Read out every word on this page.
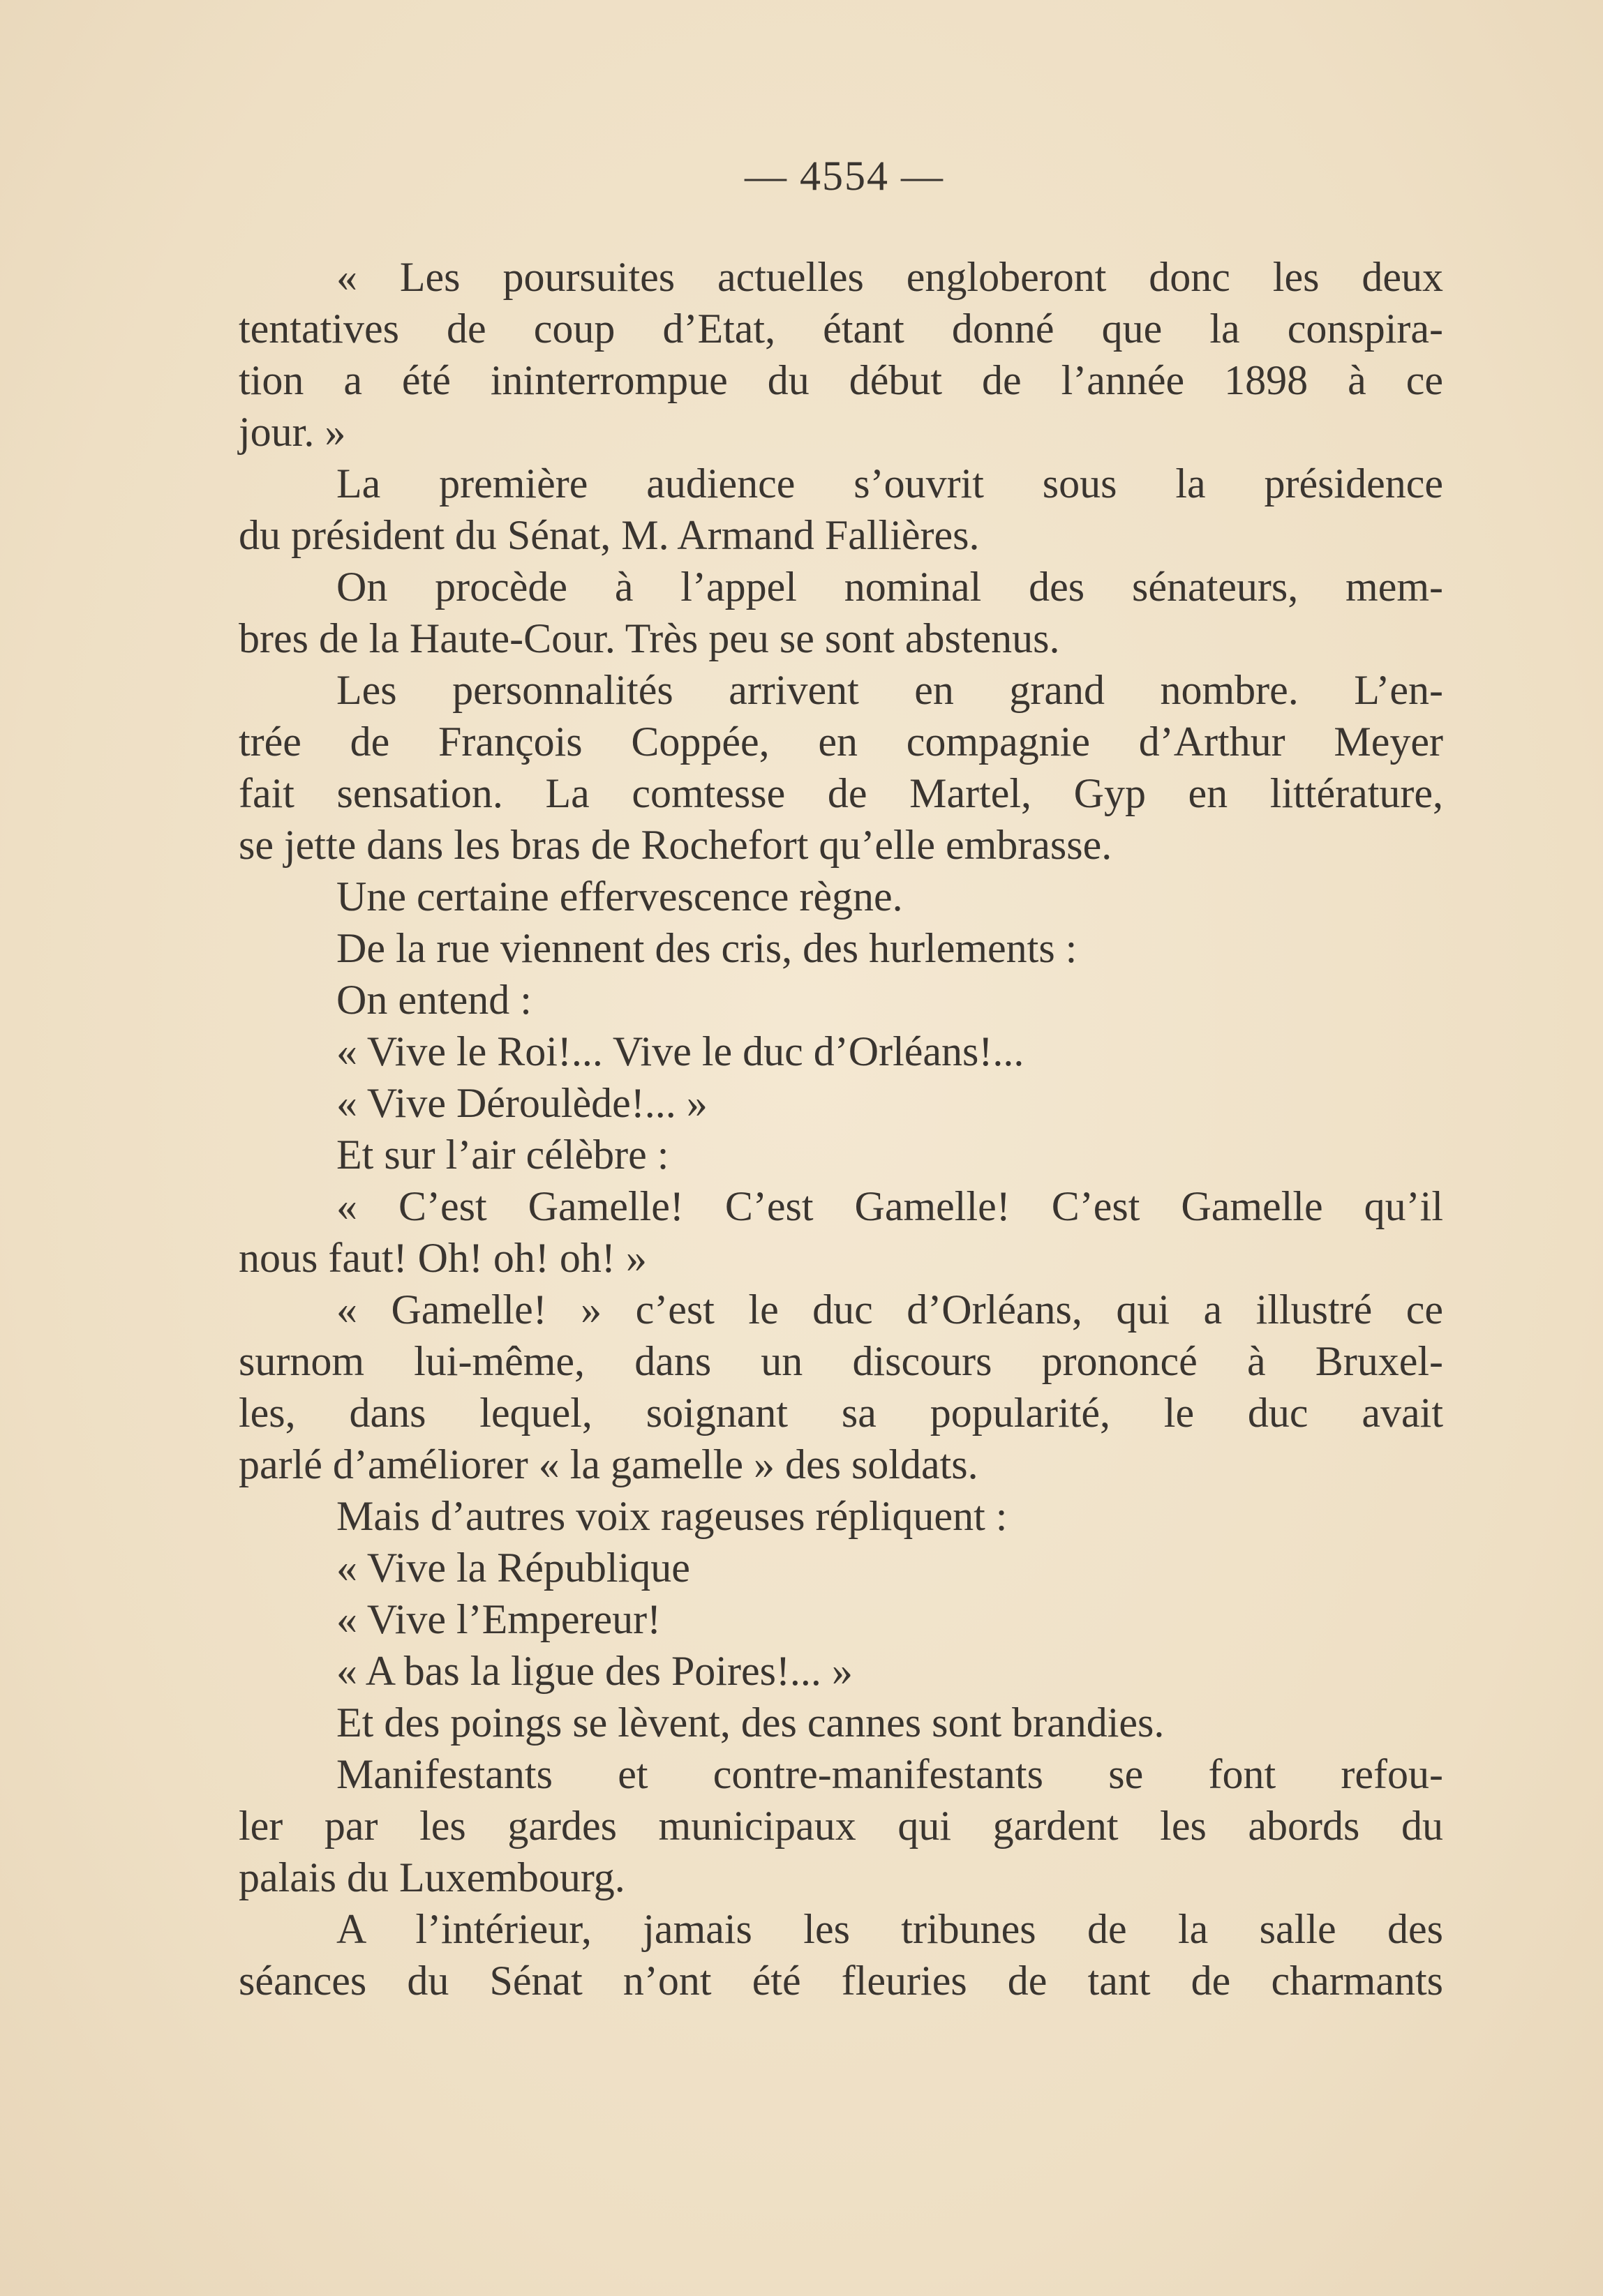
— 4554 —
« Les poursuites actuelles engloberont donc les deux
tentatives de coup d’Etat, étant donné que la conspira-
tion a été ininterrompue du début de l’année 1898 à ce
jour. »
La première audience s’ouvrit sous la présidence
du président du Sénat, M. Armand Fallières.
On procède à l’appel nominal des sénateurs, mem-
bres de la Haute-Cour. Très peu se sont abstenus.
Les personnalités arrivent en grand nombre. L’en-
trée de François Coppée, en compagnie d’Arthur Meyer
fait sensation. La comtesse de Martel, Gyp en littérature,
se jette dans les bras de Rochefort qu’elle embrasse.
Une certaine effervescence règne.
De la rue viennent des cris, des hurlements :
On entend :
« Vive le Roi!... Vive le duc d’Orléans!...
« Vive Déroulède!... »
Et sur l’air célèbre :
« C’est Gamelle! C’est Gamelle! C’est Gamelle qu’il
nous faut! Oh! oh! oh! »
« Gamelle! » c’est le duc d’Orléans, qui a illustré ce
surnom lui-même, dans un discours prononcé à Bruxel-
les, dans lequel, soignant sa popularité, le duc avait
parlé d’améliorer « la gamelle » des soldats.
Mais d’autres voix rageuses répliquent :
« Vive la République
« Vive l’Empereur!
« A bas la ligue des Poires!... »
Et des poings se lèvent, des cannes sont brandies.
Manifestants et contre-manifestants se font refou-
ler par les gardes municipaux qui gardent les abords du
palais du Luxembourg.
A l’intérieur, jamais les tribunes de la salle des
séances du Sénat n’ont été fleuries de tant de charmants
